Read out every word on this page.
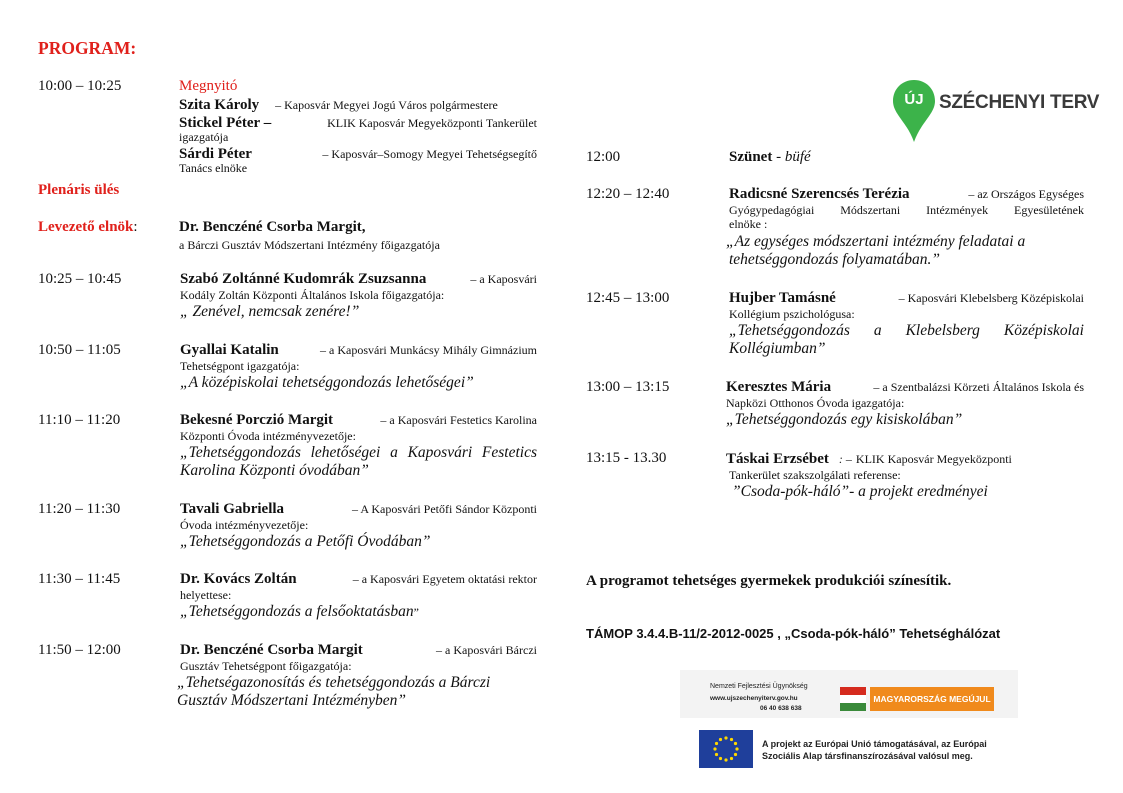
PROGRAM:
10:00 – 10:25	Megnyitó
Szita Károly – Kaposvár Megyei Jogú Város polgármestere
Stickel Péter –	KLIK Kaposvár Megyeközponti Tankerület
igazgatója
Sárdi Péter	– Kaposvár–Somogy Megyei Tehetségsegítő
Tanács elnöke
Plenáris ülés
Levezető elnök:	Dr. Benczéné Csorba Margit,
a Bárczi Gusztáv Módszertani Intézmény főigazgatója
10:25 – 10:45	Szabó Zoltánné Kudomrák Zsuzsanna	– a Kaposvári
Kodály Zoltán Központi Általános Iskola főigazgatója:
„ Zenével, nemcsak zenére!”
10:50 – 11:05	Gyallai Katalin	– a Kaposvári Munkácsy Mihály Gimnázium
Tehetségpont igazgatója:
„A középiskolai tehetséggondozás lehetőségei”
11:10 – 11:20	Bekesné Porczió Margit	– a Kaposvári Festetics Karolina
Központi Óvoda intézményvezetője:
„Tehetséggondozás lehetőségei a Kaposvári Festetics
Karolina Központi óvodában”
11:20 – 11:30	Tavali Gabriella	– A Kaposvári Petőfi Sándor Központi
Óvoda intézményvezetője:
„Tehetséggondozás a Petőfi Óvodában”
11:30 – 11:45	Dr. Kovács Zoltán	– a Kaposvári Egyetem oktatási rektor
helyettese:
„Tehetséggondozás a felsőoktatásban”
11:50 – 12:00	Dr. Benczéné Csorba Margit	– a Kaposvári Bárczi
Gusztáv Tehetségpont főigazgatója:
„Tehetségazonosítás és tehetséggondozás a Bárczi
Gusztáv Módszertani Intézményben”
ÚJ SZÉCHENYI TERV
12:00	Szünet - büfé
12:20 – 12:40	Radicsné Szerencsés Terézia	– az Országos Egységes
Gyógypedagógiai Módszertani Intézmények Egyesületének
elnöke :
„Az egységes módszertani intézmény feladatai a
tehetséggondozás folyamatában.”
12:45 – 13:00	Hujber Tamásné	– Kaposvári Klebelsberg Középiskolai
Kollégium pszichológusa:
„Tehetséggondozás a Klebelsberg Középiskolai
Kollégiumban”
13:00 – 13:15	Keresztes Mária	– a Szentbalázsi Körzeti Általános Iskola és
Napközi Otthonos Óvoda igazgatója:
„Tehetséggondozás egy kisiskolában”
13:15 - 13.30	Táskai Erzsébet : – KLIK Kaposvár Megyeközponti
Tankerület szakszolgálati referense:
”Csoda-pók-háló”- a projekt eredményei
A programot tehetséges gyermekek produkciói színesítik.
TÁMOP 3.4.4.B-11/2-2012-0025 , „Csoda-pók-háló” Tehetséghálózat
Nemzeti Fejlesztési Ügynökség
www.ujszechenyiterv.gov.hu
06 40 638 638
MAGYARORSZÁG MEGÚJUL
A projekt az Európai Unió támogatásával, az Európai
Szociális Alap társfinanszírozásával valósul meg.
